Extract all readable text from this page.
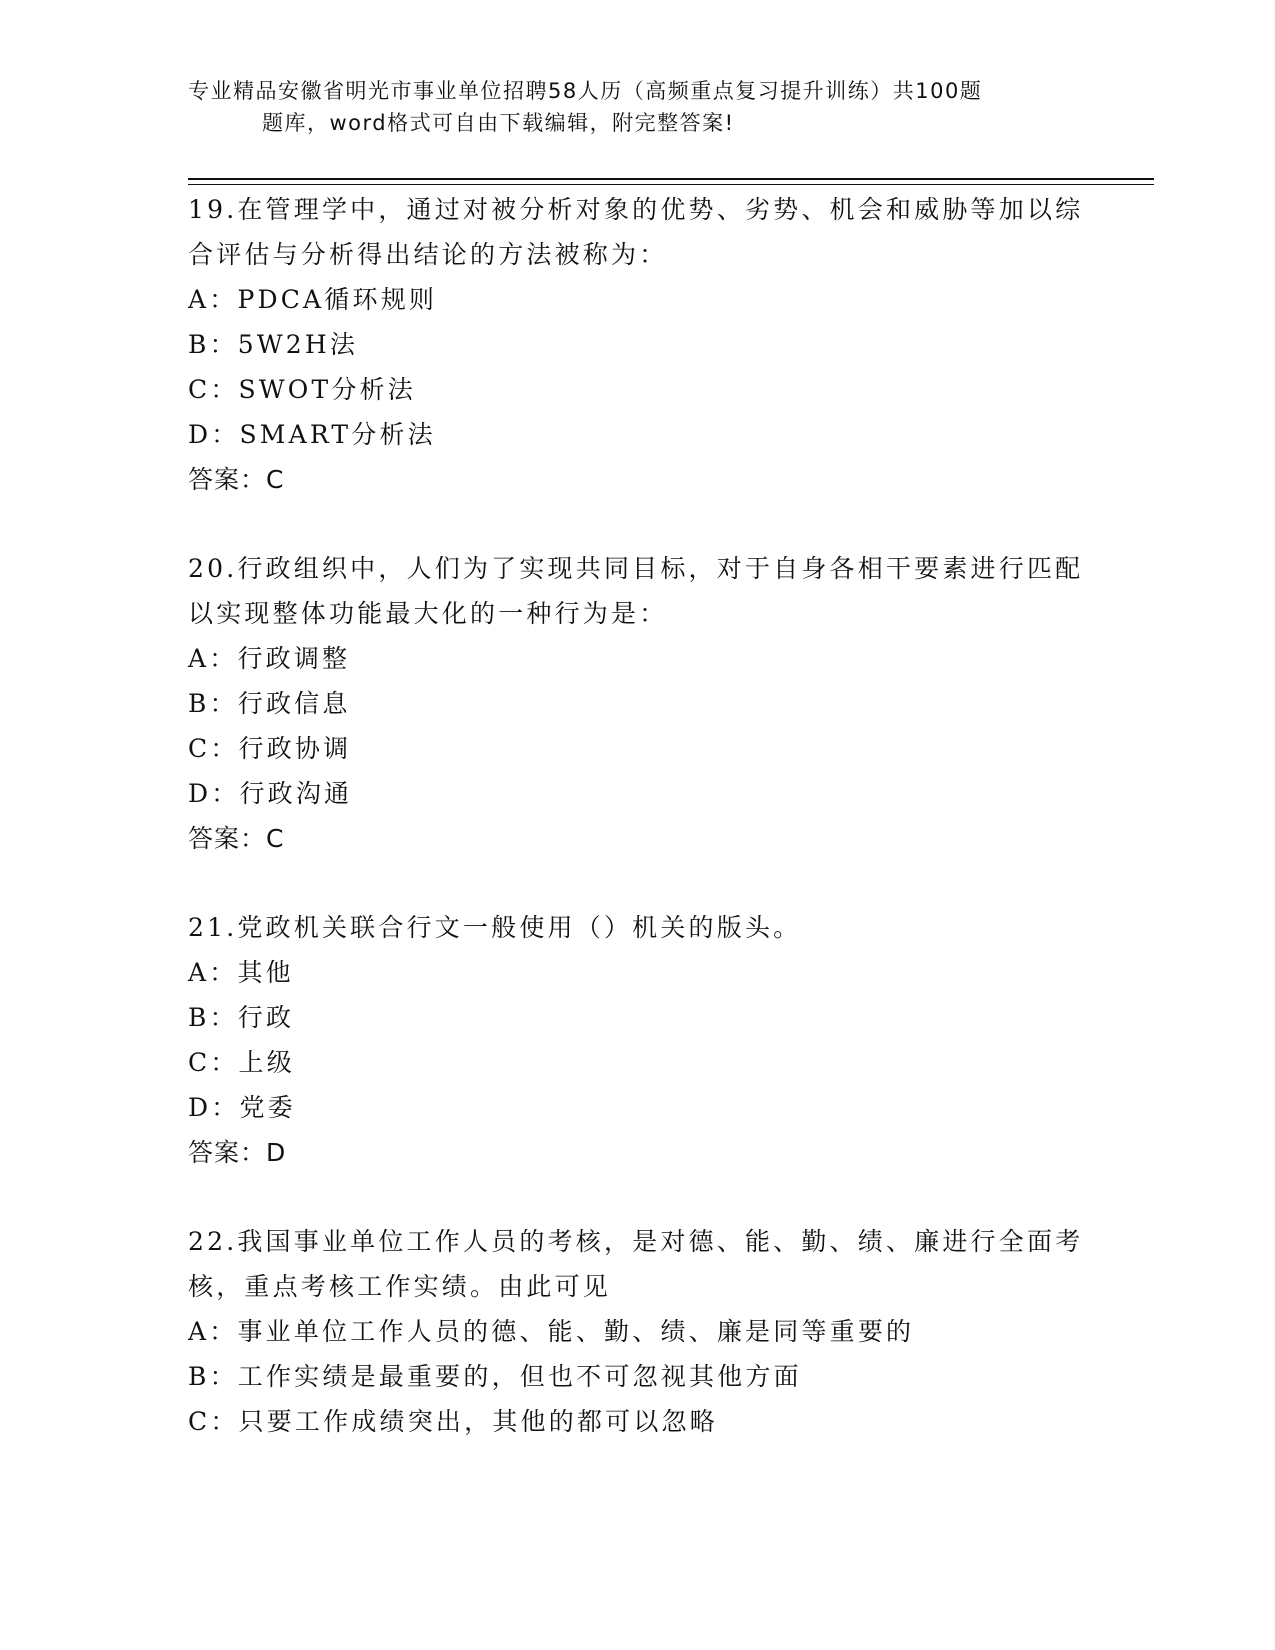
专业精品安徽省明光市事业单位招聘58人历（高频重点复习提升训练）共100题
题库，word格式可自由下载编辑，附完整答案!

19.在管理学中，通过对被分析对象的优势、劣势、机会和威胁等加以综合评估与分析得出结论的方法被称为：

A：PDCA循环规则

B：5W2H法

C：SWOT分析法

D：SMART分析法

答案：C

20.行政组织中，人们为了实现共同目标，对于自身各相干要素进行匹配以实现整体功能最大化的一种行为是：

A：行政调整

B：行政信息

C：行政协调

D：行政沟通

答案：C

21.党政机关联合行文一般使用（）机关的版头。

A：其他

B：行政

C：上级

D：党委

答案：D

22.我国事业单位工作人员的考核，是对德、能、勤、绩、廉进行全面考核，重点考核工作实绩。由此可见

A：事业单位工作人员的德、能、勤、绩、廉是同等重要的

B：工作实绩是最重要的，但也不可忽视其他方面

C：只要工作成绩突出，其他的都可以忽略
